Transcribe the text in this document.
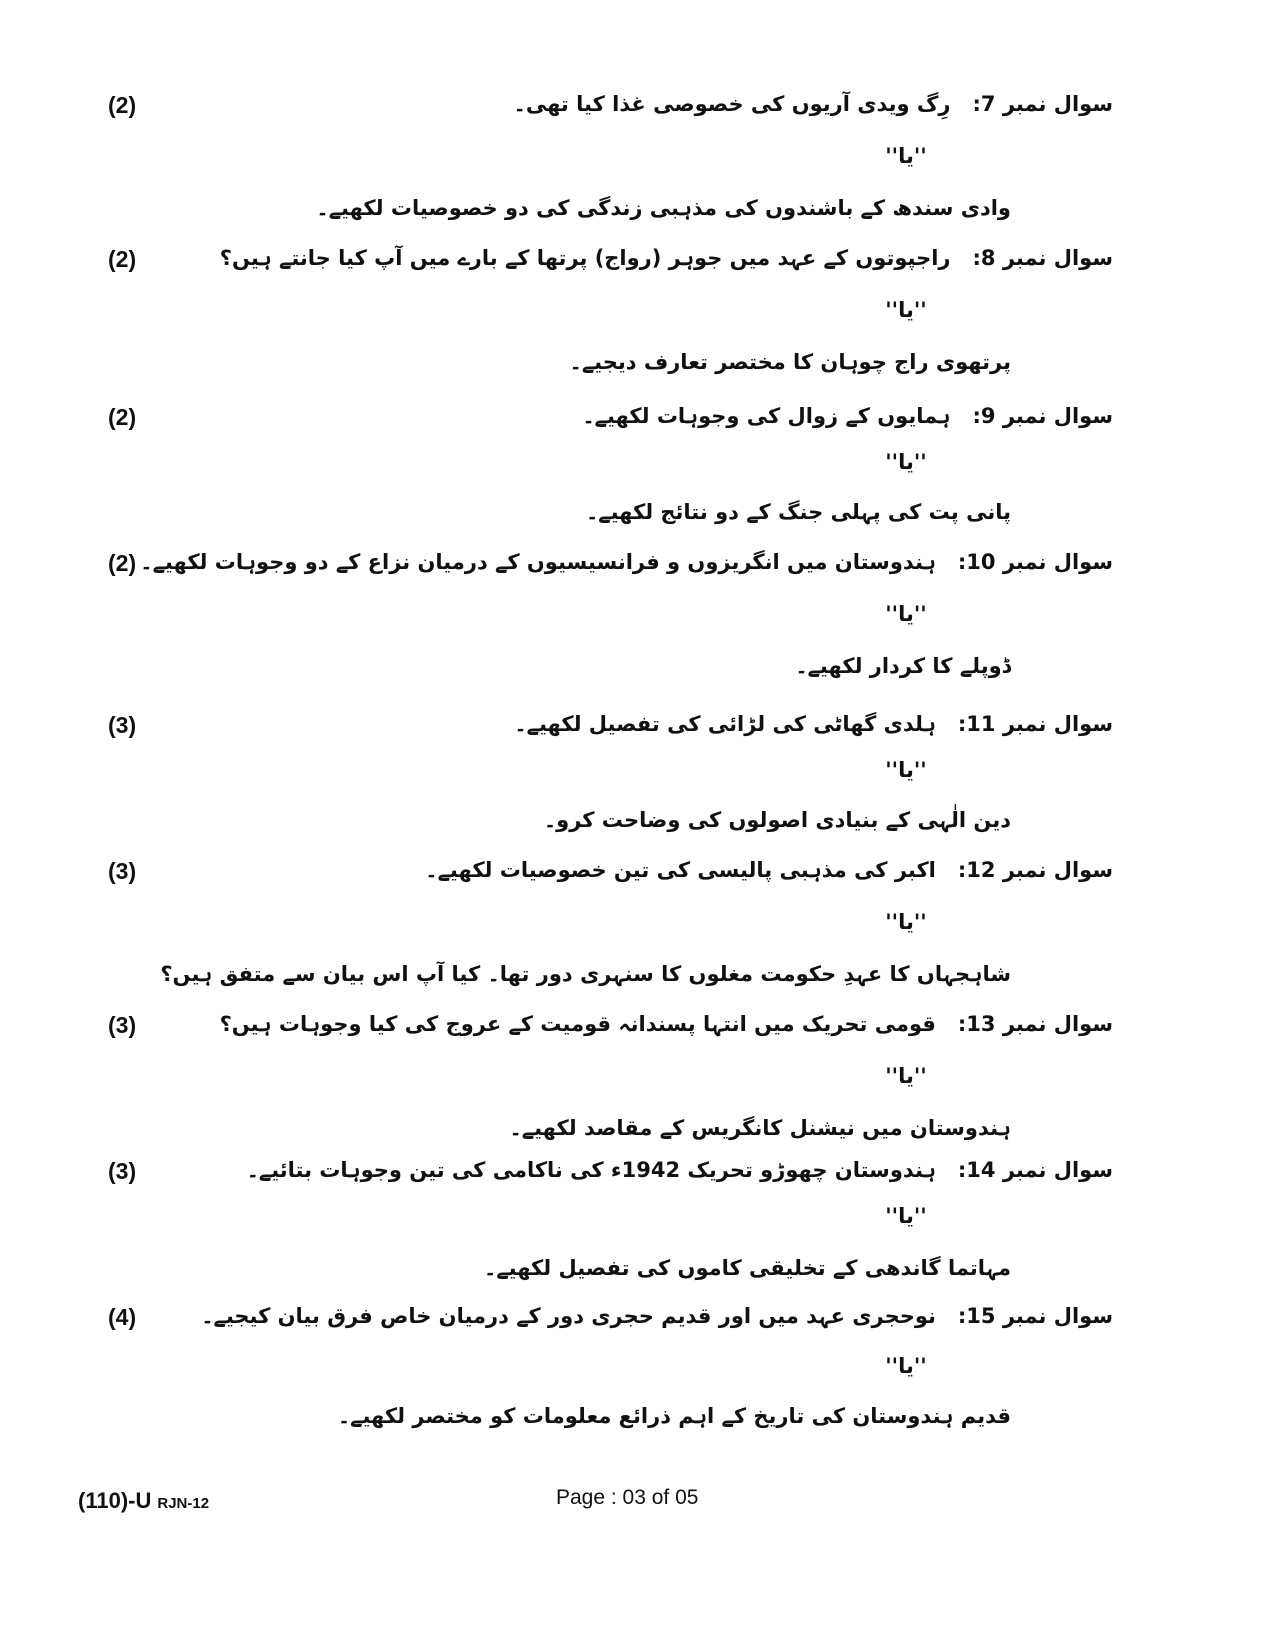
(2)	سوال نمبر 7:رِگ ویدی آریوں کی خصوصی غذا کیا تھی۔
''یا''
وادی سندھ کے باشندوں کی مذہبی زندگی کی دو خصوصیات لکھیے۔
(2)	سوال نمبر 8:راجپوتوں کے عہد میں جوہر (رواج) پرتھا کے بارے میں آپ کیا جانتے ہیں؟
''یا''
پرتھوی راج چوہان کا مختصر تعارف دیجیے۔
(2)	سوال نمبر 9:ہمایوں کے زوال کی وجوہات لکھیے۔
''یا''
پانی پت کی پہلی جنگ کے دو نتائج لکھیے۔
(2)	سوال نمبر 10:ہندوستان میں انگریزوں و فرانسیسیوں کے درمیان نزاع کے دو وجوہات لکھیے۔
''یا''
ڈوپلے کا کردار لکھیے۔
(3)	سوال نمبر 11:ہلدی گھاٹی کی لڑائی کی تفصیل لکھیے۔
''یا''
دین الٰہی کے بنیادی اصولوں کی وضاحت کرو۔
(3)	سوال نمبر 12:اکبر کی مذہبی پالیسی کی تین خصوصیات لکھیے۔
''یا''
شاہجہاں کا عہدِ حکومت مغلوں کا سنہری دور تھا۔ کیا آپ اس بیان سے متفق ہیں؟
(3)	سوال نمبر 13:قومی تحریک میں انتہا پسندانہ قومیت کے عروج کی کیا وجوہات ہیں؟
''یا''
ہندوستان میں نیشنل کانگریس کے مقاصد لکھیے۔
(3)	سوال نمبر 14:ہندوستان چھوڑو تحریک 1942ء کی ناکامی کی تین وجوہات بتائیے۔
''یا''
مہاتما گاندھی کے تخلیقی کاموں کی تفصیل لکھیے۔
(4)	سوال نمبر 15:نوحجری عہد میں اور قدیم حجری دور کے درمیان خاص فرق بیان کیجیے۔
''یا''
قدیم ہندوستان کی تاریخ کے اہم ذرائع معلومات کو مختصر لکھیے۔
(110)-U RJN-12	Page : 03 of 05
